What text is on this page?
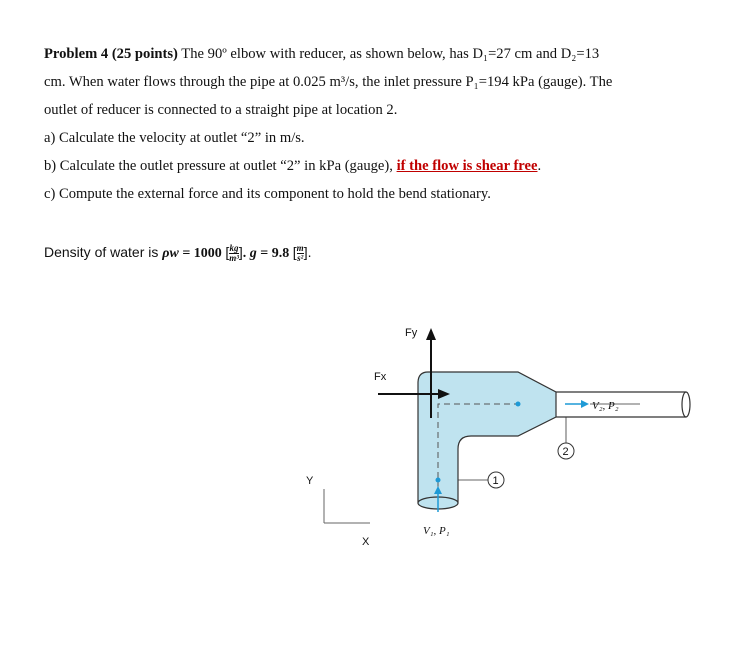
Problem 4 (25 points) The 90º elbow with reducer, as shown below, has D₁=27 cm and D₂=13

cm. When water flows through the pipe at 0.025 m³/s, the inlet pressure P₁=194 kPa (gauge). The

outlet of reducer is connected to a straight pipe at location 2.

a) Calculate the velocity at outlet “2” in m/s.

b) Calculate the outlet pressure at outlet “2” in kPa (gauge), if the flow is shear free.

c) Compute the external force and its component to hold the bend stationary.

Density of water is ρw = 1000 [ $\frac{kg}{\text{m³}}$ ]. g = 9.8 [ $\frac{m}{\text{s²}}$ ].
Fy
Fx
V₂, P₂
2
1
V₁, P₁
Y
X
